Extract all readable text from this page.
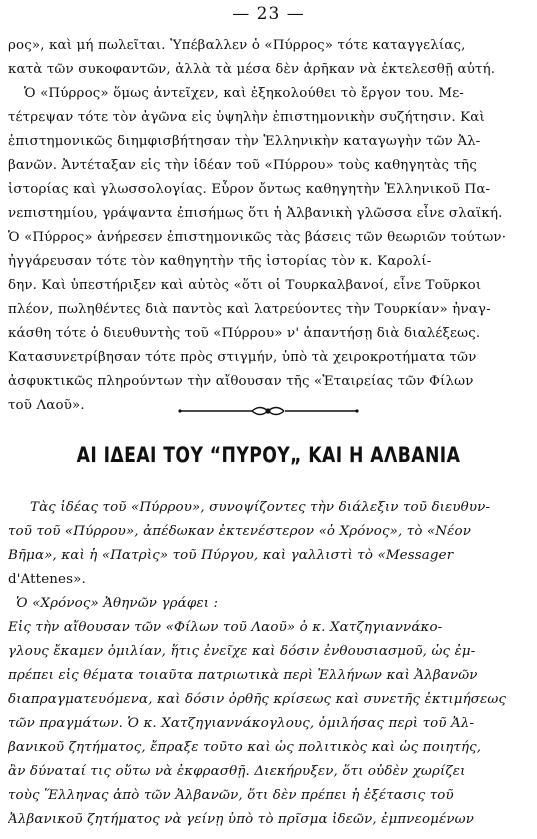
— 23 —
ρος», καὶ μή πωλεῖται. Ὑπέβαλλεν ὁ «Πύρρος» τότε καταγγελίας,
κατὰ τῶν συκοφαντῶν, ἀλλὰ τὰ μέσα δὲν ἀρῆκαν νὰ ἐκτελεσθῇ αὐτή.
Ὁ «Πύρρος» ὅμως ἀντεῖχεν, καὶ ἐξηκολούθει τὸ ἔργον του. Με-
τέτρεψαν τότε τὸν ἀγῶνα εἰς ὑψηλὴν ἐπιστημονικὴν συζήτησιν. Καὶ
ἐπιστημονικῶς διημφισβήτησαν τὴν Ἑλληνικὴν καταγωγὴν τῶν Ἀλ-
βανῶν. Ἀντέταξαν εἰς τὴν ἰδέαν τοῦ «Πύρρου» τοὺς καθηγητὰς τῆς
ἱστορίας καὶ γλωσσολογίας. Εὗρον ὄντως καθηγητὴν Ἑλληνικοῦ Πα-
νεπιστημίου, γράψαντα ἐπισήμως ὅτι ἡ Ἀλβανικὴ γλῶσσα εἶνε σλαϊκή.
Ὁ «Πύρρος» ἀνήρεσεν ἐπιστημονικῶς τὰς βάσεις τῶν θεωριῶν τούτων·
ἠγγάρευσαν τότε τὸν καθηγητὴν τῆς ἱστορίας τὸν κ. Καρολί-
δην. Καὶ ὑπεστήριξεν καὶ αὐτὸς «ὅτι οἱ Τουρκαλβανοί, εἶνε Τοῦρκοι
πλέον, πωληθέντες διὰ παντὸς καὶ λατρεύοντες τὴν Τουρκίαν» ἠναγ-
κάσθη τότε ὁ διευθυντὴς τοῦ «Πύρρου» ν' ἀπαντήσῃ διὰ διαλέξεως.
Κατασυνετρίβησαν τότε πρὸς στιγμήν, ὑπὸ τὰ χειροκροτήματα τῶν
ἀσφυκτικῶς πληρούντων τὴν αἴθουσαν τῆς «Ἑταιρείας τῶν Φίλων
τοῦ Λαοῦ».
ΑΙ ΙΔΕΑΙ ΤΟΥ “ΠΥΡΟΥ„ ΚΑΙ Η ΑΛΒΑΝΙΑ
Τὰς ἰδέας τοῦ «Πύρρου», συνοψίζοντες τὴν διάλεξιν τοῦ διευθυν-
τοῦ τοῦ «Πύρρου», ἀπέδωκαν ἐκτενέστερον «ὁ Χρόνος», τὸ «Νέον
Βῆμα», καὶ ἡ «Πατρὶς» τοῦ Πύργου, καὶ γαλλιστὶ τὸ «Messager
d'Attenes».
Ὁ «Χρόνος» Ἀθηνῶν γράφει :
Εἰς τὴν αἴθουσαν τῶν «Φίλων τοῦ Λαοῦ» ὁ κ. Χατζηγιαννάκο-
γλους ἔκαμεν ὁμιλίαν, ἥτις ἐνεῖχε καὶ δόσιν ἐνθουσιασμοῦ, ὡς ἐμ-
πρέπει εἰς θέματα τοιαῦτα πατριωτικὰ περὶ Ἑλλήνων καὶ Ἀλβανῶν
διαπραγματευόμενα, καὶ δόσιν ὀρθῆς κρίσεως καὶ συνετῆς ἐκτιμήσεως
τῶν πραγμάτων. Ὁ κ. Χατζηγιαννάκογλους, ὁμιλήσας περὶ τοῦ Ἀλ-
βανικοῦ ζητήματος, ἔπραξε τοῦτο καὶ ὡς πολιτικὸς καὶ ὡς ποιητής,
ἂν δύναταί τις οὕτω νὰ ἐκφρασθῇ. Διεκήρυξεν, ὅτι οὐδὲν χωρίζει
τοὺς Ἕλληνας ἀπὸ τῶν Ἀλβανῶν, ὅτι δὲν πρέπει ἡ ἐξέτασις τοῦ
Ἀλβανικοῦ ζητήματος νὰ γείνῃ ὑπὸ τὸ πρῖσμα ἰδεῶν, ἐμπνεομένων
